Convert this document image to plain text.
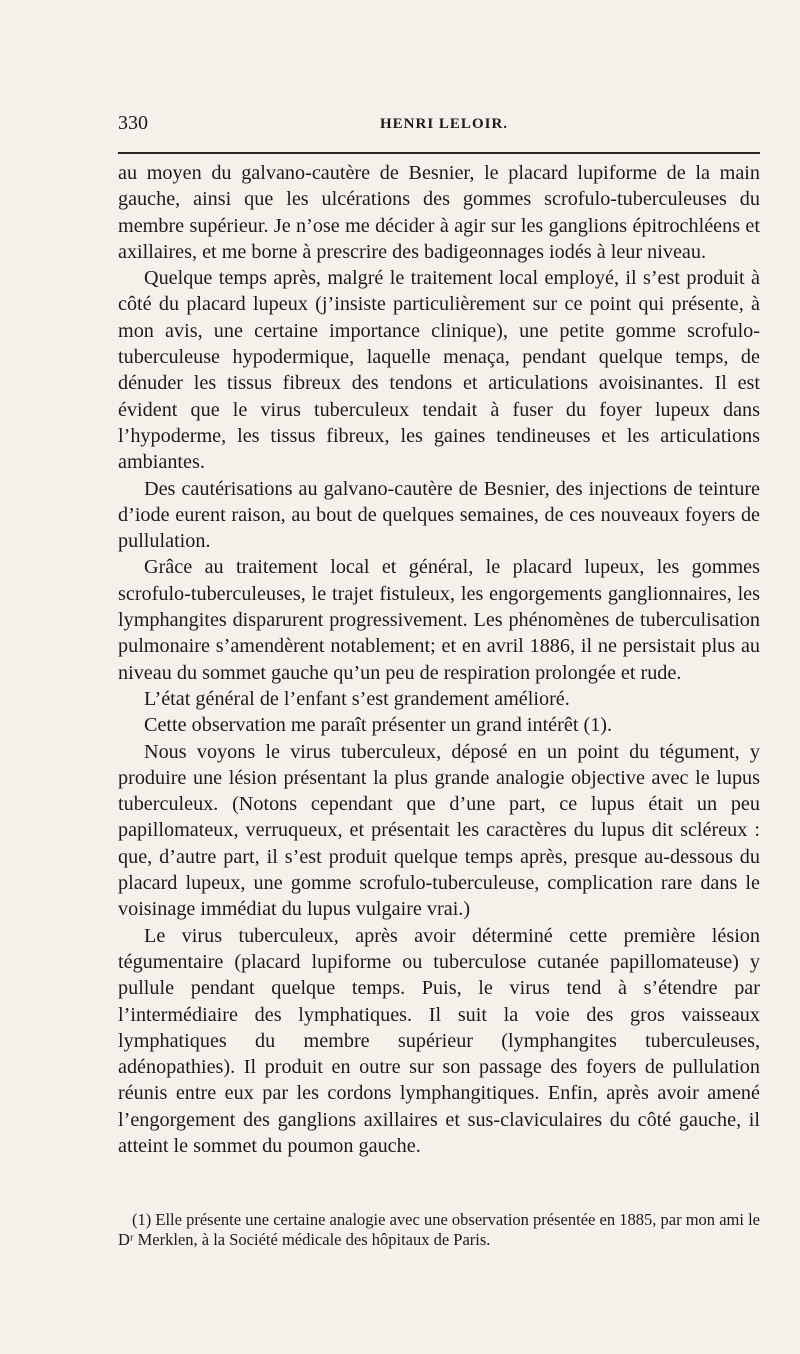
330	HENRI LELOIR.

au moyen du galvano-cautère de Besnier, le placard lupiforme de la main gauche, ainsi que les ulcérations des gommes scrofulo-tuberculeuses du membre supérieur. Je n’ose me décider à agir sur les ganglions épitrochléens et axillaires, et me borne à prescrire des badigeonnages iodés à leur niveau.

Quelque temps après, malgré le traitement local employé, il s’est produit à côté du placard lupeux (j’insiste particulièrement sur ce point qui présente, à mon avis, une certaine importance clinique), une petite gomme scrofulo-tuberculeuse hypodermique, laquelle menaça, pendant quelque temps, de dénuder les tissus fibreux des tendons et articulations avoisinantes. Il est évident que le virus tuberculeux tendait à fuser du foyer lupeux dans l’hypoderme, les tissus fibreux, les gaines tendineuses et les articulations ambiantes.

Des cautérisations au galvano-cautère de Besnier, des injections de teinture d’iode eurent raison, au bout de quelques semaines, de ces nouveaux foyers de pullulation.

Grâce au traitement local et général, le placard lupeux, les gommes scrofulo-tuberculeuses, le trajet fistuleux, les engorgements ganglionnaires, les lymphangites disparurent progressivement. Les phénomènes de tuberculisation pulmonaire s’amendèrent notablement; et en avril 1886, il ne persistait plus au niveau du sommet gauche qu’un peu de respiration prolongée et rude.

L’état général de l’enfant s’est grandement amélioré.

Cette observation me paraît présenter un grand intérêt (1).

Nous voyons le virus tuberculeux, déposé en un point du tégument, y produire une lésion présentant la plus grande analogie objective avec le lupus tuberculeux. (Notons cependant que d’une part, ce lupus était un peu papillomateux, verruqueux, et présentait les caractères du lupus dit scléreux : que, d’autre part, il s’est produit quelque temps après, presque au-dessous du placard lupeux, une gomme scrofulo-tuberculeuse, complication rare dans le voisinage immédiat du lupus vulgaire vrai.)

Le virus tuberculeux, après avoir déterminé cette première lésion tégumentaire (placard lupiforme ou tuberculose cutanée papillomateuse) y pullule pendant quelque temps. Puis, le virus tend à s’étendre par l’intermédiaire des lymphatiques. Il suit la voie des gros vaisseaux lymphatiques du membre supérieur (lymphangites tuberculeuses, adénopathies). Il produit en outre sur son passage des foyers de pullulation réunis entre eux par les cordons lymphangitiques. Enfin, après avoir amené l’engorgement des ganglions axillaires et sus-claviculaires du côté gauche, il atteint le sommet du poumon gauche.

(1) Elle présente une certaine analogie avec une observation présentée en 1885, par mon ami le Dʳ Merklen, à la Société médicale des hôpitaux de Paris.
